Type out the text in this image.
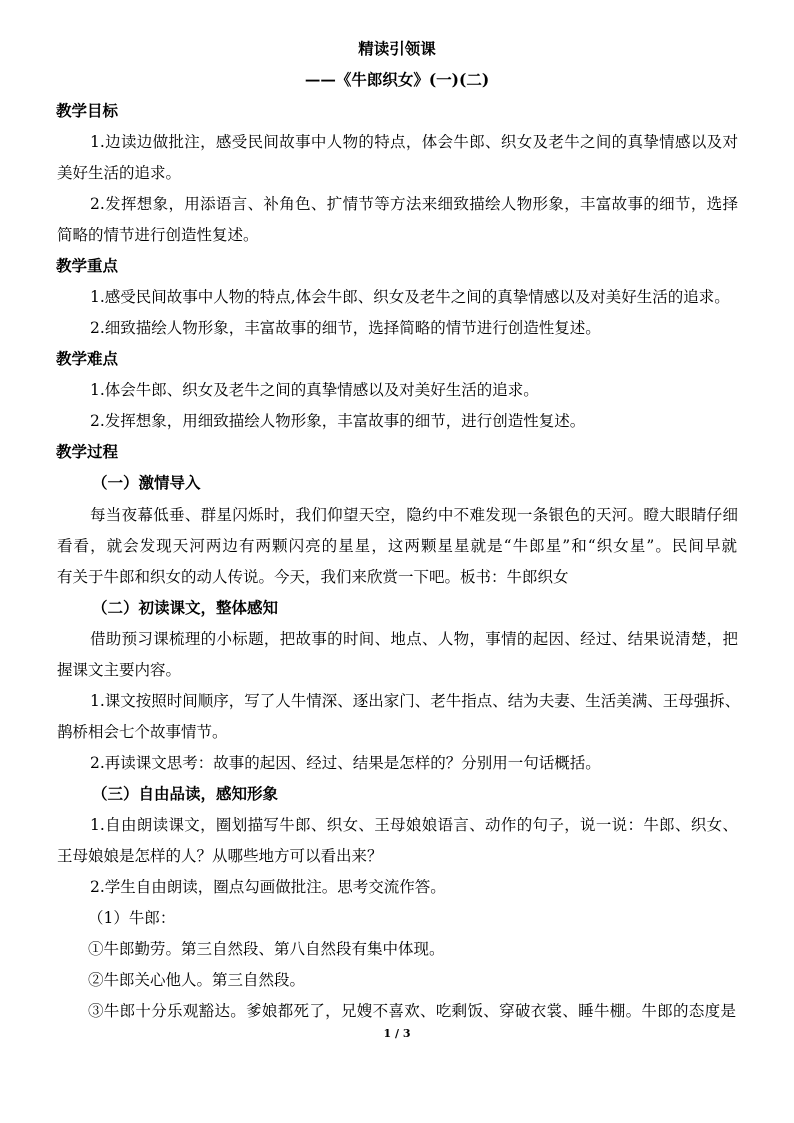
精读引领课
——《牛郎织女》(一)(二)
教学目标
1.边读边做批注，感受民间故事中人物的特点，体会牛郎、织女及老牛之间的真挚情感以及对
美好生活的追求。
2.发挥想象，用添语言、补角色、扩情节等方法来细致描绘人物形象，丰富故事的细节，选择
简略的情节进行创造性复述。
教学重点
1.感受民间故事中人物的特点,体会牛郎、织女及老牛之间的真挚情感以及对美好生活的追求。
2.细致描绘人物形象，丰富故事的细节，选择简略的情节进行创造性复述。
教学难点
1.体会牛郎、织女及老牛之间的真挚情感以及对美好生活的追求。
2.发挥想象，用细致描绘人物形象，丰富故事的细节，进行创造性复述。
教学过程
（一）激情导入
每当夜幕低垂、群星闪烁时，我们仰望天空，隐约中不难发现一条银色的天河。瞪大眼睛仔细
看看，就会发现天河两边有两颗闪亮的星星，这两颗星星就是“牛郎星”和“织女星”。民间早就
有关于牛郎和织女的动人传说。今天，我们来欣赏一下吧。板书：牛郎织女
（二）初读课文，整体感知
借助预习课梳理的小标题，把故事的时间、地点、人物，事情的起因、经过、结果说清楚，把
握课文主要内容。
1.课文按照时间顺序，写了人牛情深、逐出家门、老牛指点、结为夫妻、生活美满、王母强拆、
鹊桥相会七个故事情节。
2.再读课文思考：故事的起因、经过、结果是怎样的？分别用一句话概括。
（三）自由品读，感知形象
1.自由朗读课文，圈划描写牛郎、织女、王母娘娘语言、动作的句子，说一说：牛郎、织女、
王母娘娘是怎样的人？从哪些地方可以看出来？
2.学生自由朗读，圈点勾画做批注。思考交流作答。
（1）牛郎：
①牛郎勤劳。第三自然段、第八自然段有集中体现。
②牛郎关心他人。第三自然段。
③牛郎十分乐观豁达。爹娘都死了，兄嫂不喜欢、吃剩饭、穿破衣裳、睡牛棚。牛郎的态度是
1 / 3
